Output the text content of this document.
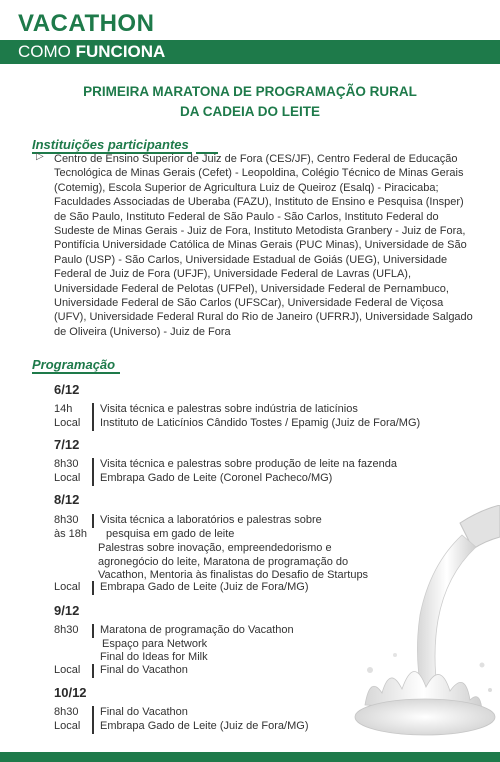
VACATHON
COMO FUNCIONA
PRIMEIRA MARATONA DE PROGRAMAÇÃO RURAL
DA CADEIA DO LEITE
Instituições participantes
▷ Centro de Ensino Superior de Juiz de Fora (CES/JF), Centro Federal de Educação Tecnológica de Minas Gerais (Cefet) - Leopoldina, Colégio Técnico de Minas Gerais (Cotemig), Escola Superior de Agricultura Luiz de Queiroz (Esalq) - Piracicaba; Faculdades Associadas de Uberaba (FAZU), Instituto de Ensino e Pesquisa (Insper) de São Paulo, Instituto Federal de São Paulo - São Carlos, Instituto Federal do Sudeste de Minas Gerais - Juiz de Fora, Instituto Metodista Granbery - Juiz de Fora, Pontifícia Universidade Católica de Minas Gerais (PUC Minas), Universidade de São Paulo (USP) - São Carlos, Universidade Estadual de Goiás (UEG), Universidade Federal de Juiz de Fora (UFJF), Universidade Federal de Lavras (UFLA), Universidade Federal de Pelotas (UFPel), Universidade Federal de Pernambuco, Universidade Federal de São Carlos (UFSCar), Universidade Federal de Viçosa (UFV), Universidade Federal Rural do Rio de Janeiro (UFRRJ), Universidade Salgado de Oliveira (Universo) - Juiz de Fora
Programação
6/12
14h	Visita técnica e palestras sobre indústria de laticínios
Local	Instituto de Laticínios Cândido Tostes / Epamig (Juiz de Fora/MG)
7/12
8h30	Visita técnica e palestras sobre produção de leite na fazenda
Local	Embrapa Gado de Leite (Coronel Pacheco/MG)
8/12
8h30	Visita técnica a laboratórios e palestras sobre
às 18h	pesquisa em gado de leite
Palestras sobre inovação, empreendedorismo e
agronegócio do leite, Maratona de programação do
Vacathon, Mentoria às finalistas do Desafio de Startups
Local	Embrapa Gado de Leite (Juiz de Fora/MG)
9/12
8h30	Maratona de programação do Vacathon
Espaço para Network
Final do Ideas for Milk
Local	Final do Vacathon
10/12
8h30	Final do Vacathon
Local	Embrapa Gado de Leite (Juiz de Fora/MG)
